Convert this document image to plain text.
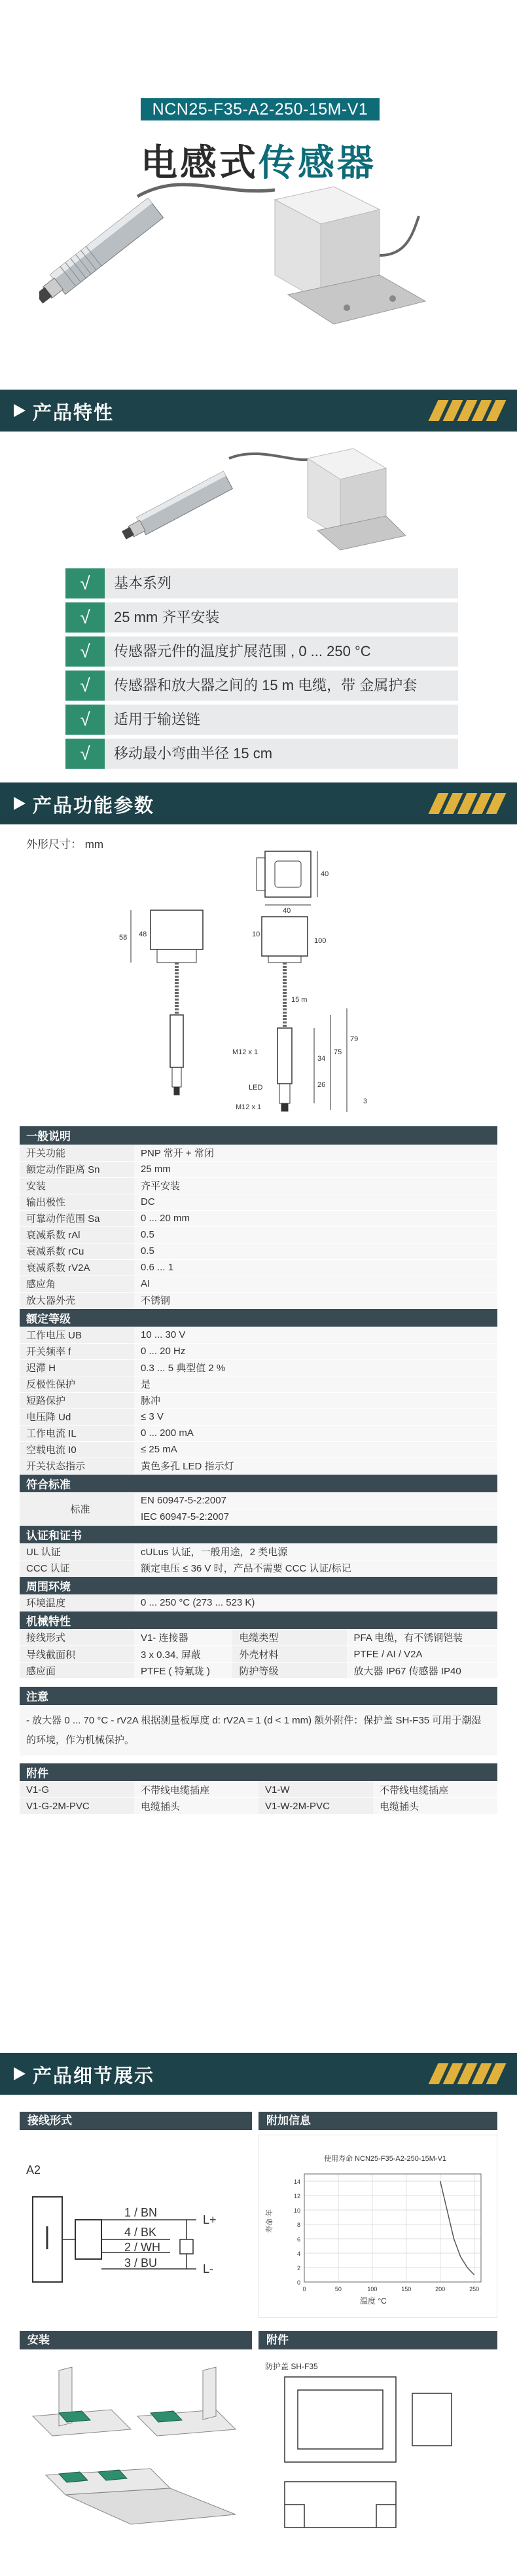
NCN25-F35-A2-250-15M-V1
电感式传感器
产品特性
√	基本系列
√	25 mm 齐平安装
√	传感器元件的温度扩展范围 , 0 ... 250 °C
√	传感器和放大器之间的 15 m 电缆，带 金属护套
√	适用于输送链
√	移动最小弯曲半径 15 cm
产品功能参数
外形尺寸： mm
40
40
58 48	10
100
15 m
34
26
75
79
M12 x 1
LED
M12 x 1
3
一般说明	
开关功能	PNP 常开 + 常闭
额定动作距离 Sn	25 mm
安装	齐平安装
输出极性	DC
可靠动作范围 Sa	0 ... 20 mm
衰减系数 rAl	0.5
衰减系数 rCu	0.5
衰减系数 rV2A	0.6 ... 1
感应角	AI
放大器外壳	不锈钢
额定等级	
工作电压 UB	10 ... 30 V
开关频率 f	0 ... 20 Hz
迟滞 H	0.3 ... 5 典型值 2 %
反极性保护	是
短路保护	脉冲
电压降 Ud	≤ 3 V
工作电流 IL	0 ... 200 mA
空载电流 I0	≤ 25 mA
开关状态指示	黄色多孔 LED 指示灯
符合标准	
标准	EN 60947-5-2:2007
	IEC 60947-5-2:2007
认证和证书	
UL 认证	cULus 认证，一般用途，2 类电源
CCC 认证	额定电压 ≤ 36 V 时，产品不需要 CCC 认证/标记
周围环境	
环境温度	0 ... 250 °C (273 ... 523 K)
机械特性	
接线形式	V1- 连接器	电缆类型	PFA 电缆，有不锈钢铠装
导线截面积	3 x 0.34, 屏蔽	外壳材料	PTFE / AI / V2A
感应面	PTFE ( 特氟珑 )	防护等级	放大器 IP67 传感器 IP40
注意
- 放大器 0 ... 70 °C - rV2A 根据测量板厚度 d: rV2A = 1 (d < 1 mm) 额外附件：保护盖 SH-F35 可用于潮湿的环境，作为机械保护。
附件			
V1-G	不带线电缆插座	V1-W	不带线电缆插座
V1-G-2M-PVC	电缆插头	V1-W-2M-PVC	电缆插头
产品细节展示
接线形式	附加信息
A2
1 / BN
4 / BK
2 / WH
3 / BU
L+
L-
使用寿命 NCN25-F35-A2-250-15M-V1
寿命 年
温度 °C
14
12
10
8
6
4
2
0
0	50	100	150	200	250
安装	附件
防护盖 SH-F35
